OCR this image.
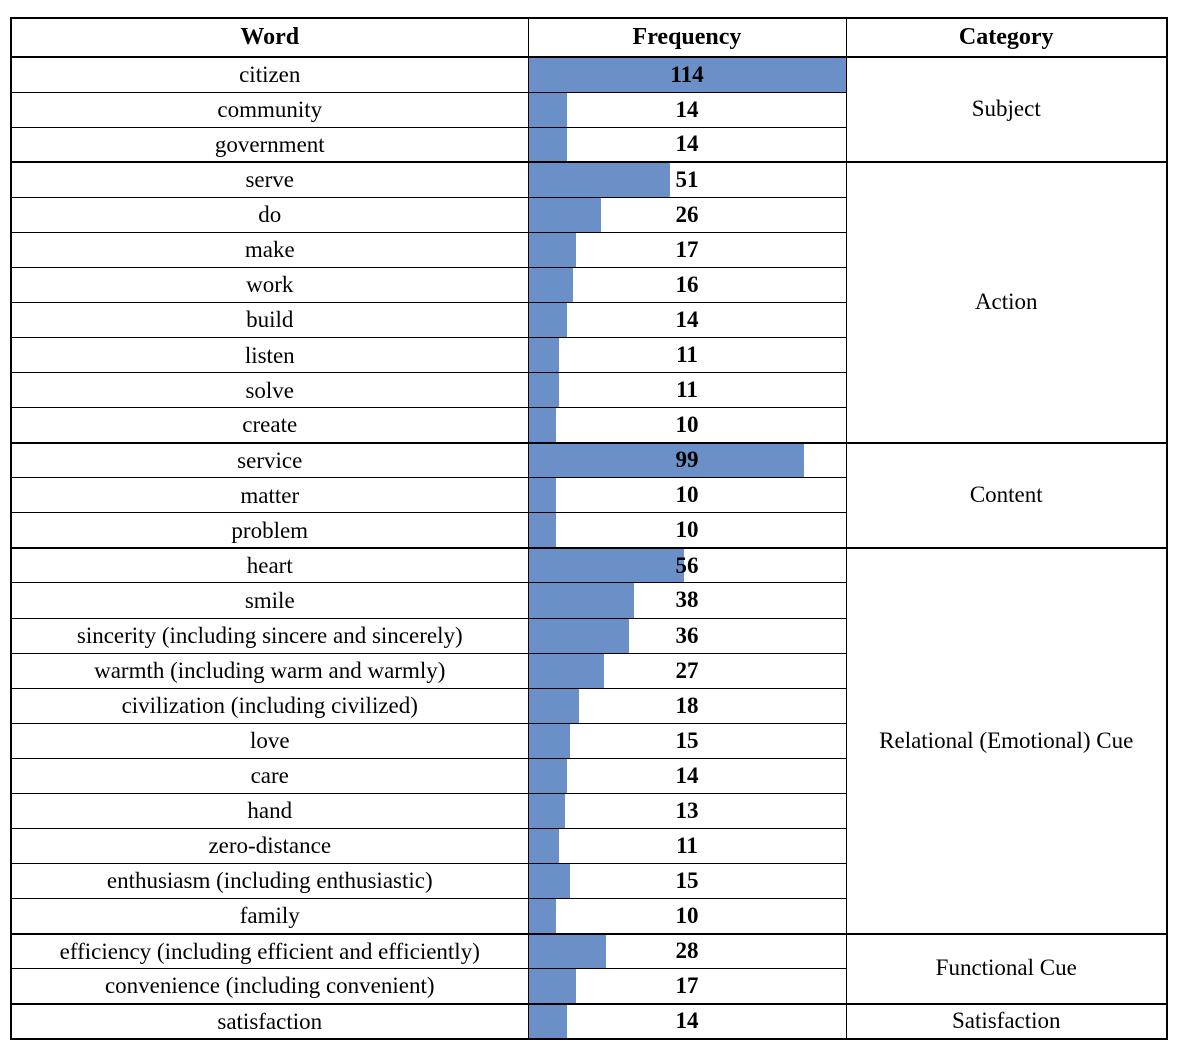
Word	Frequency	Category
citizen	114	Subject
community	14	
government	14	
serve	51	Action
do	26	
make	17	
work	16	
build	14	
listen	11	
solve	11	
create	10	
service	99	Content
matter	10	
problem	10	
heart	56	Relational (Emotional) Cue
smile	38	
sincerity (including sincere and sincerely)	36	
warmth (including warm and warmly)	27	
civilization (including civilized)	18	
love	15	
care	14	
hand	13	
zero-distance	11	
enthusiasm (including enthusiastic)	15	
family	10	
efficiency (including efficient and efficiently)	28	Functional Cue
convenience (including convenient)	17	
satisfaction	14	Satisfaction
